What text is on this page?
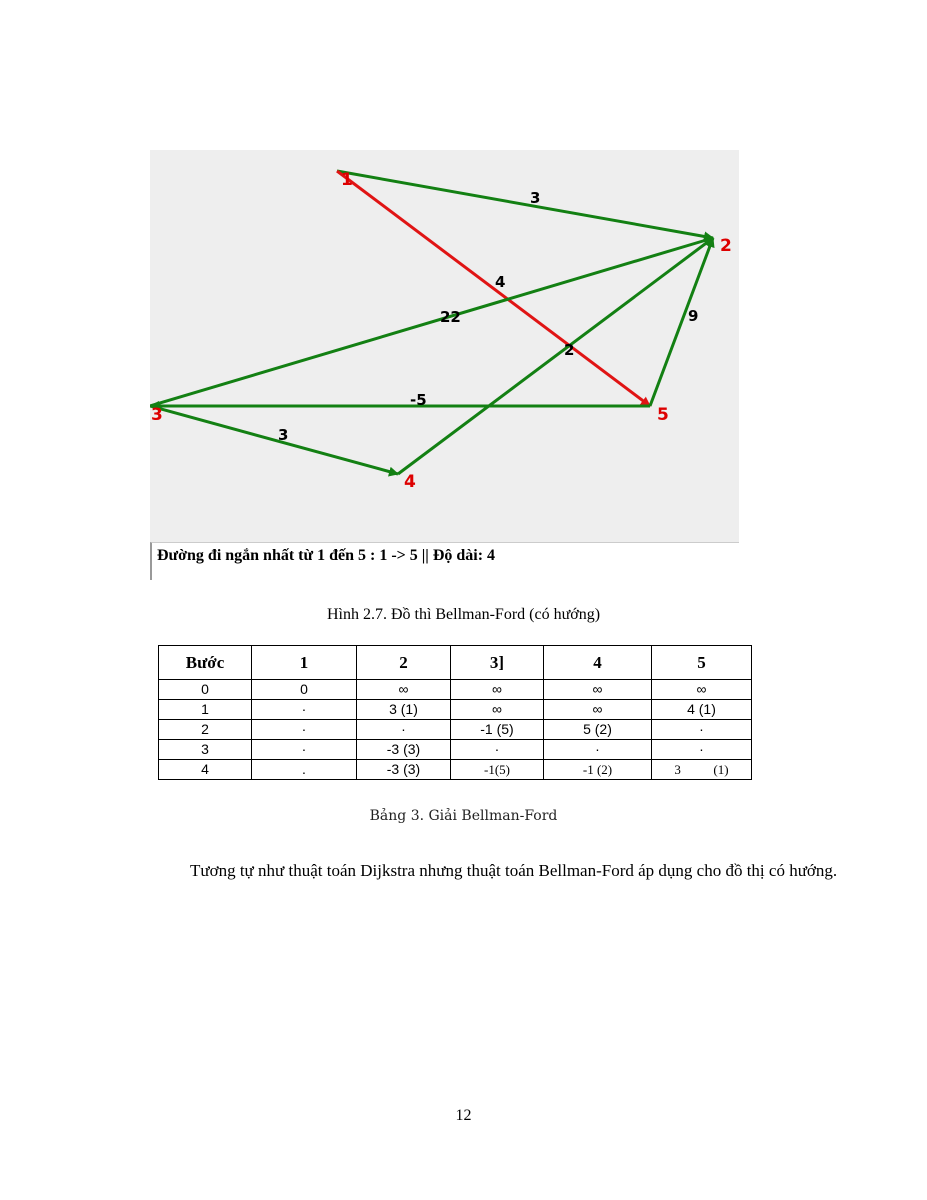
3
4
22
2
9
-5
3
1
2
3
4
5
Đường đi ngắn nhất từ 1 đến 5 : 1 -> 5 || Độ dài: 4
Hình 2.7. Đồ thì Bellman-Ford (có hướng)
Bước	1	2	3]	4	5
0	0	∞	∞	∞	∞
1	·	3 (1)	∞	∞	4 (1)
2	·	·	-1 (5)	5 (2)	·
3	·	-3 (3)	·	·	·
4	.	-3 (3)	-1(5)	-1 (2)	3          (1)
Bảng 3. Giải Bellman-Ford

Tương tự như thuật toán Dijkstra nhưng thuật toán Bellman-Ford áp dụng cho đồ thị có hướng.

12
